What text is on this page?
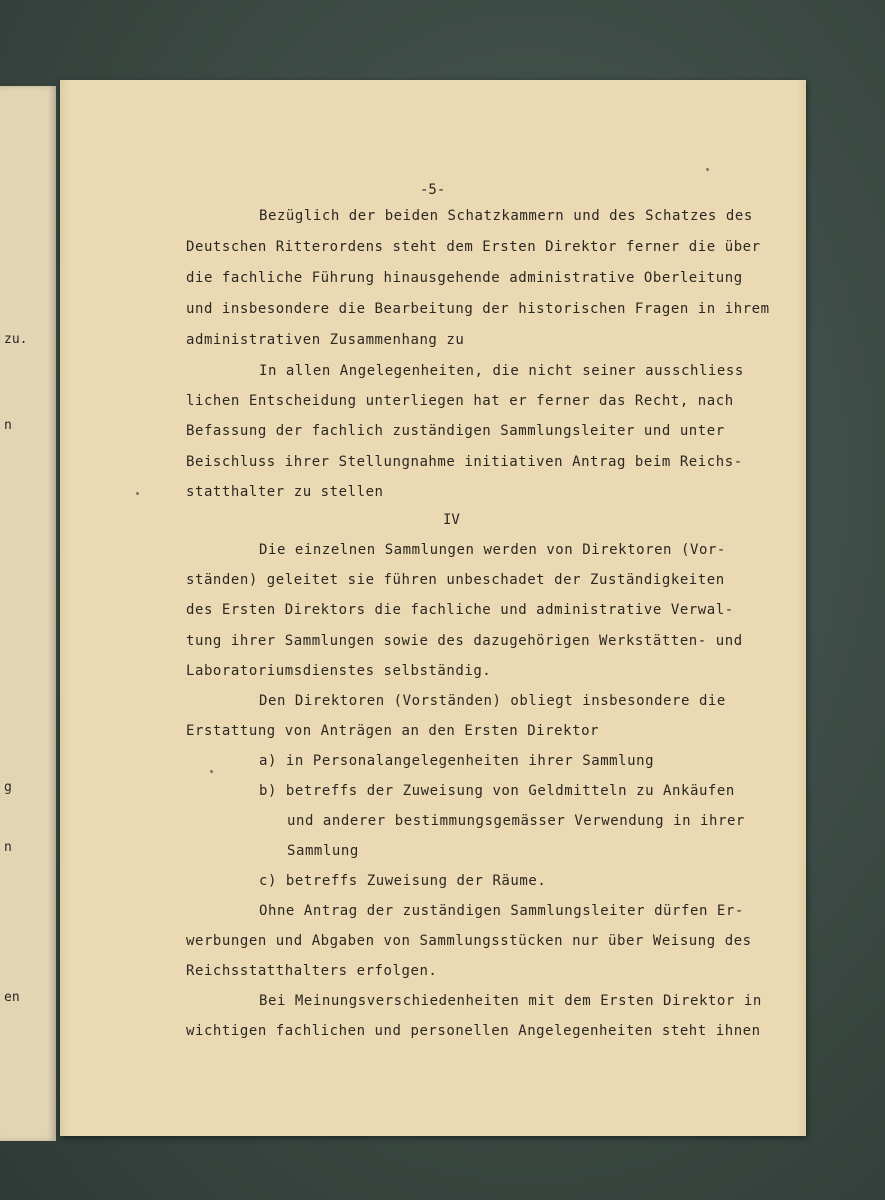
zu.
n
g
n
en
-5-
Bezüglich der beiden Schatzkammern und des Schatzes des
Deutschen Ritterordens steht dem Ersten Direktor ferner die über
die fachliche Führung hinausgehende administrative Oberleitung
und insbesondere die Bearbeitung der historischen Fragen in ihrem
administrativen Zusammenhang zu
In allen Angelegenheiten, die nicht seiner ausschliess
lichen Entscheidung unterliegen hat er ferner das Recht, nach
Befassung der fachlich zuständigen Sammlungsleiter und unter
Beischluss ihrer Stellungnahme initiativen Antrag beim Reichs-
statthalter zu stellen
IV
Die einzelnen Sammlungen werden von Direktoren (Vor-
ständen) geleitet sie führen unbeschadet der Zuständigkeiten
des Ersten Direktors die fachliche und administrative Verwal-
tung ihrer Sammlungen sowie des dazugehörigen Werkstätten- und
Laboratoriumsdienstes selbständig.
Den Direktoren (Vorständen) obliegt insbesondere die
Erstattung von Anträgen an den Ersten Direktor
a) in Personalangelegenheiten ihrer Sammlung
b) betreffs der Zuweisung von Geldmitteln zu Ankäufen
und anderer bestimmungsgemässer Verwendung in ihrer
Sammlung
c) betreffs Zuweisung der Räume.
Ohne Antrag der zuständigen Sammlungsleiter dürfen Er-
werbungen und Abgaben von Sammlungsstücken nur über Weisung des
Reichsstatthalters erfolgen.
Bei Meinungsverschiedenheiten mit dem Ersten Direktor in
wichtigen fachlichen und personellen Angelegenheiten steht ihnen
